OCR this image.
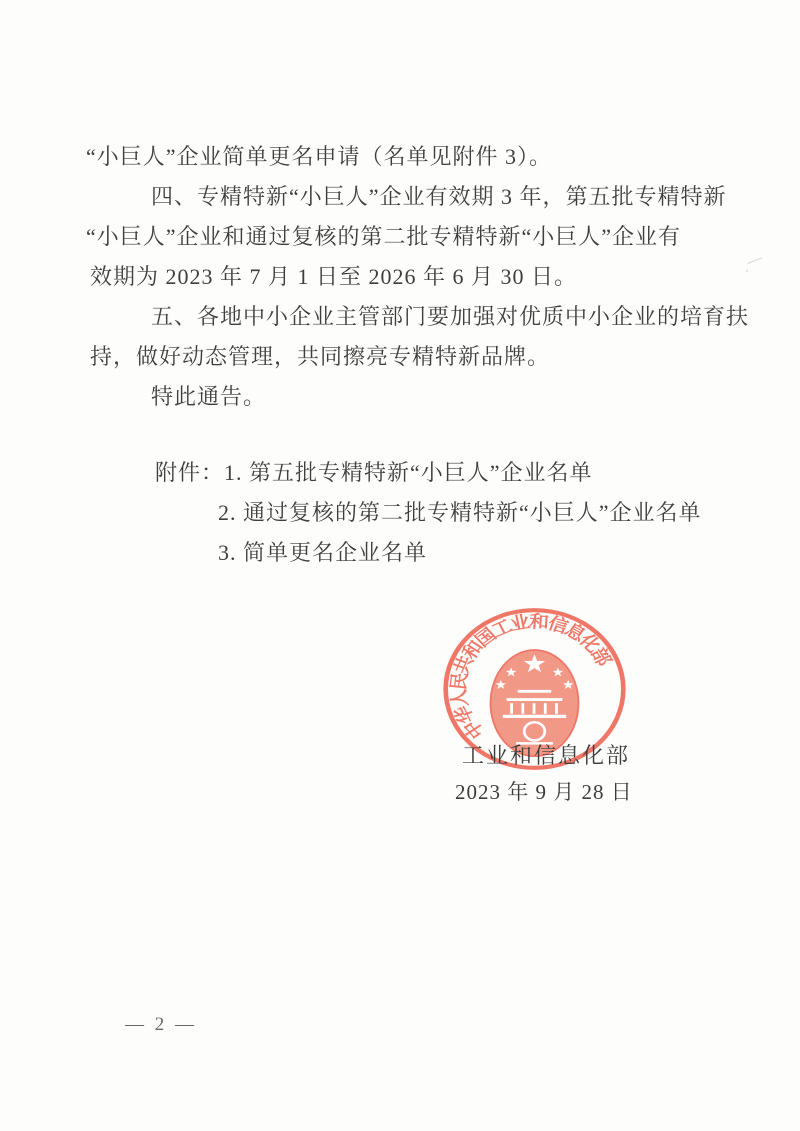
“小巨人”企业简单更名申请（名单见附件 3）。
四、专精特新“小巨人”企业有效期 3 年，第五批专精特新
“小巨人”企业和通过复核的第二批专精特新“小巨人”企业有
效期为 2023 年 7 月 1 日至 2026 年 6 月 30 日。
五、各地中小企业主管部门要加强对优质中小企业的培育扶
持，做好动态管理，共同擦亮专精特新品牌。
特此通告。
附件：1. 第五批专精特新“小巨人”企业名单
2. 通过复核的第二批专精特新“小巨人”企业名单
3. 简单更名企业名单
中华人民共和国工业和信息化部
工业和信息化部
2023 年 9 月 28 日
— 2 —
